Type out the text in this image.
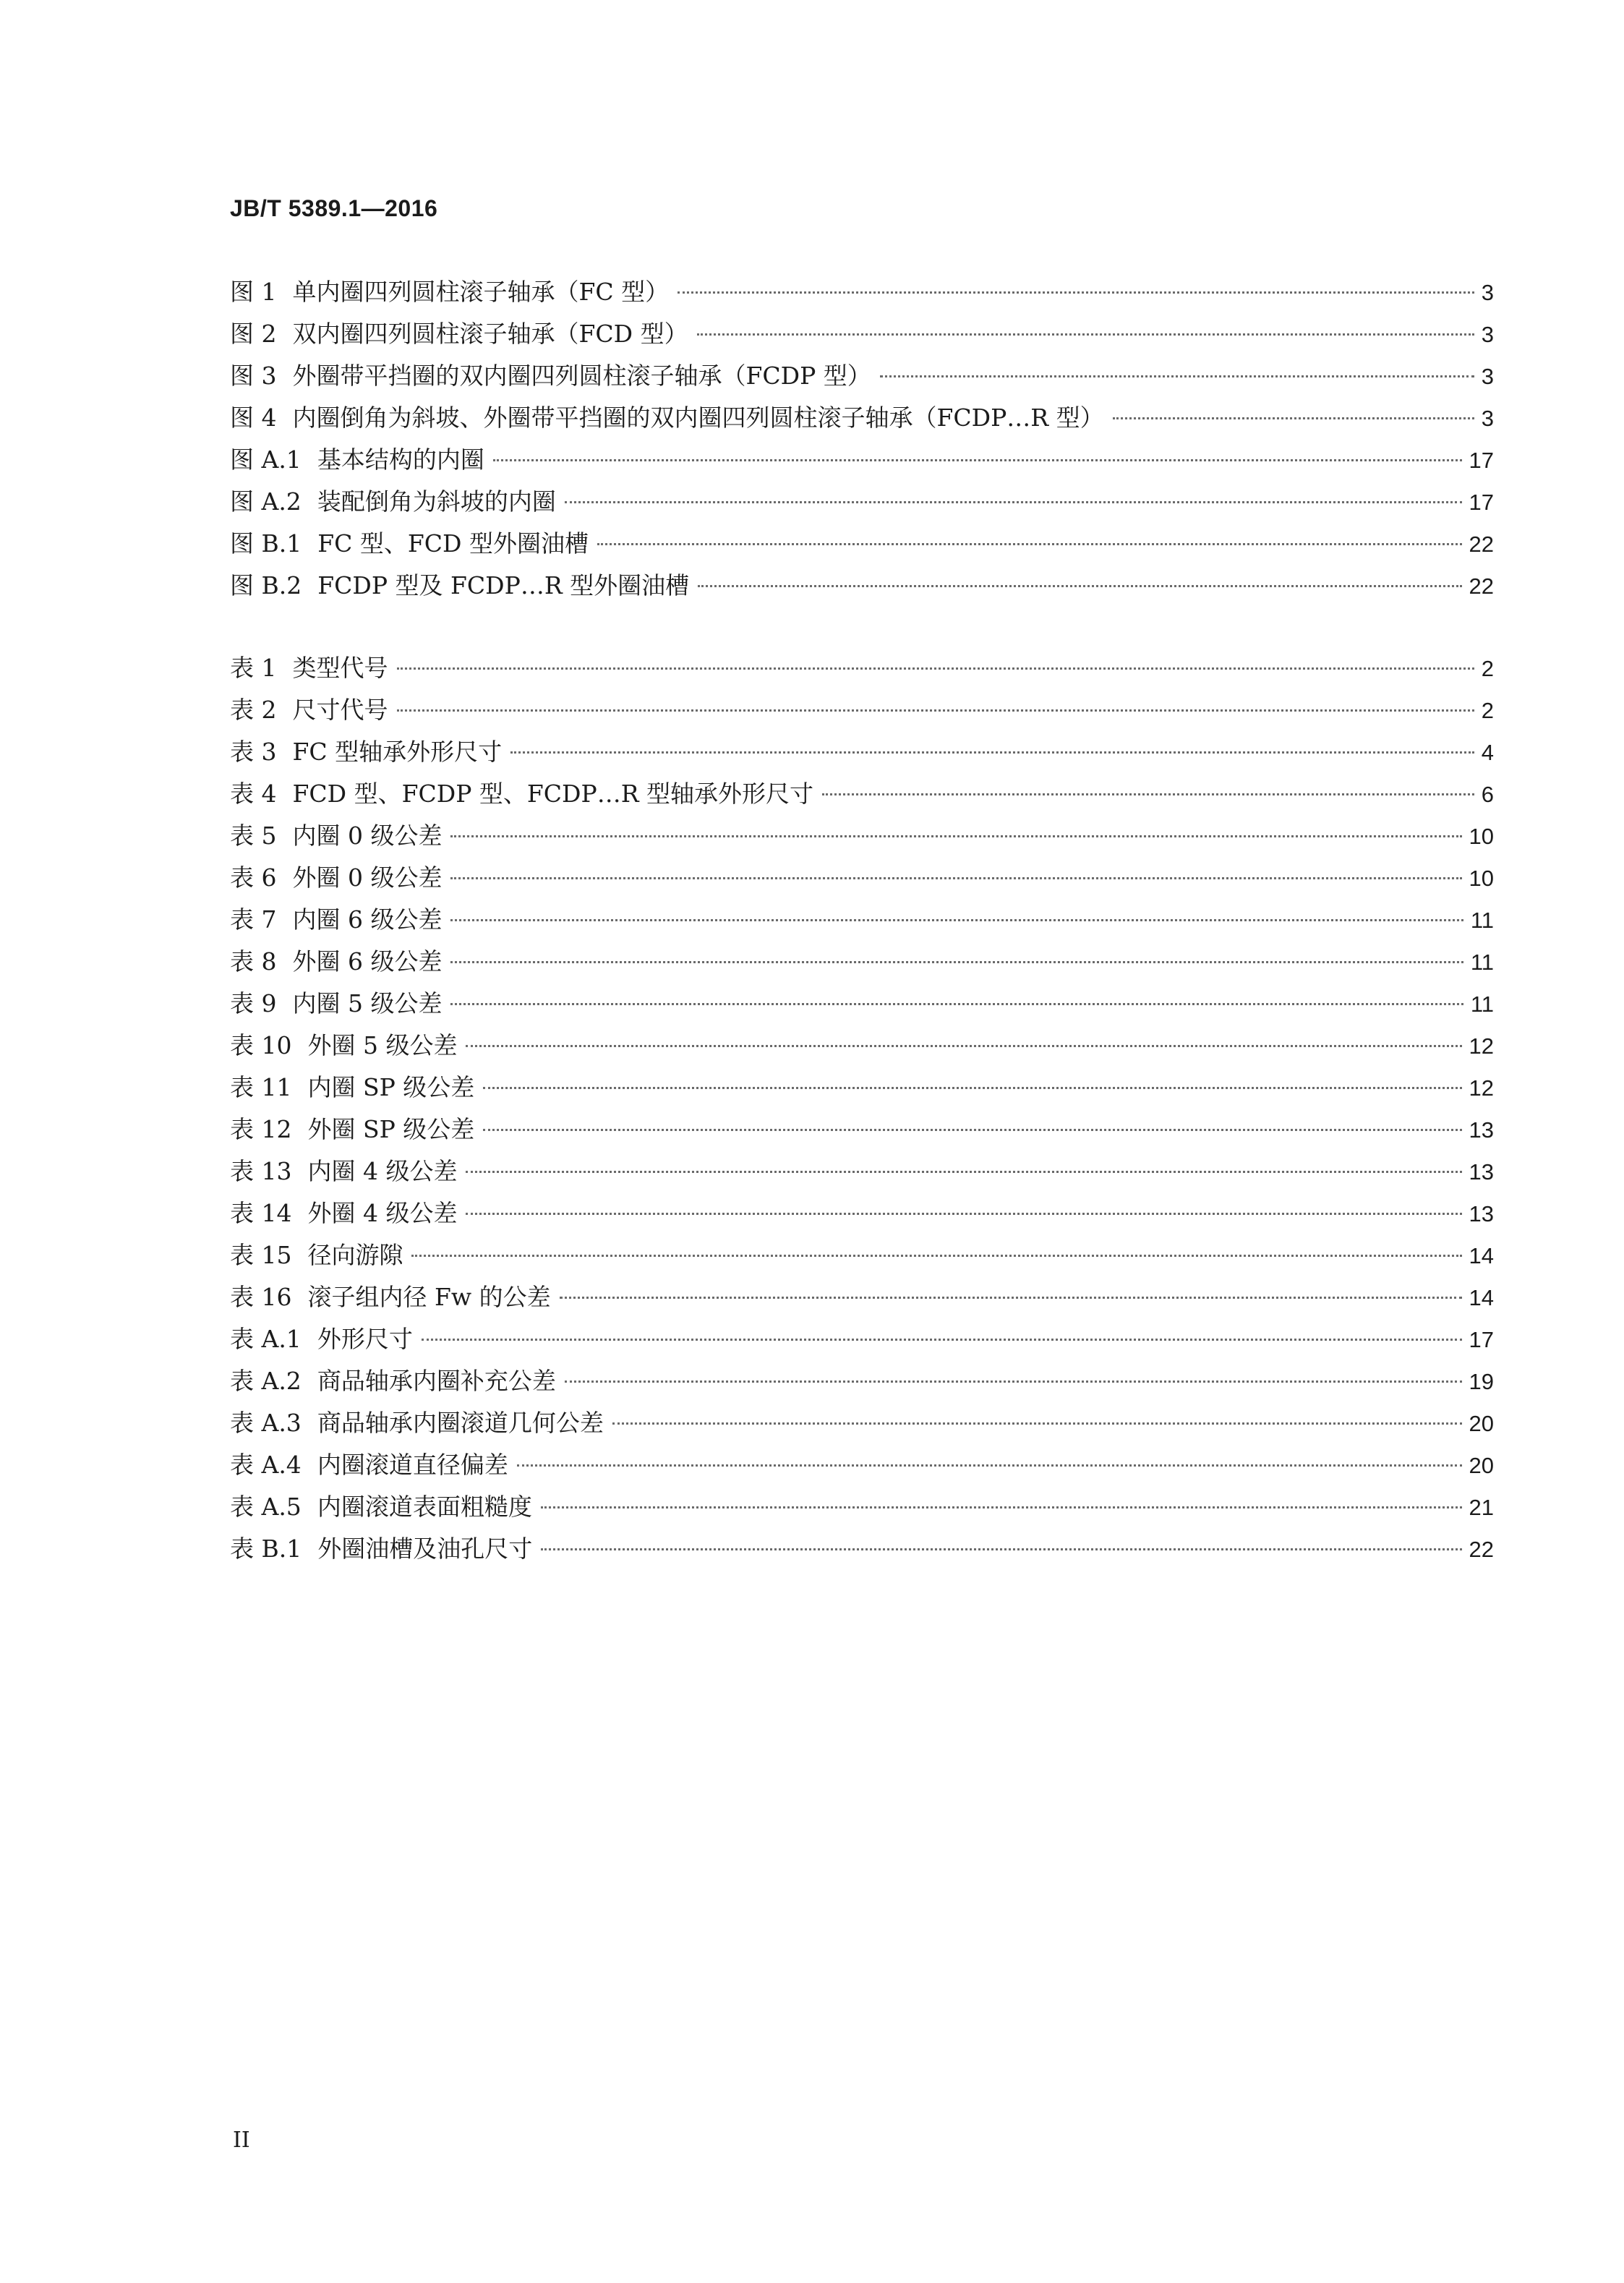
JB/T 5389.1—2016
图 1 单内圈四列圆柱滚子轴承（FC 型）	3
图 2 双内圈四列圆柱滚子轴承（FCD 型）	3
图 3 外圈带平挡圈的双内圈四列圆柱滚子轴承（FCDP 型）	3
图 4 内圈倒角为斜坡、外圈带平挡圈的双内圈四列圆柱滚子轴承（FCDP…R 型）	3
图 A.1 基本结构的内圈	17
图 A.2 装配倒角为斜坡的内圈	17
图 B.1 FC 型、FCD 型外圈油槽	22
图 B.2 FCDP 型及 FCDP…R 型外圈油槽	22
表 1 类型代号	2
表 2 尺寸代号	2
表 3 FC 型轴承外形尺寸	4
表 4 FCD 型、FCDP 型、FCDP…R 型轴承外形尺寸	6
表 5 内圈 0 级公差	10
表 6 外圈 0 级公差	10
表 7 内圈 6 级公差	11
表 8 外圈 6 级公差	11
表 9 内圈 5 级公差	11
表 10 外圈 5 级公差	12
表 11 内圈 SP 级公差	12
表 12 外圈 SP 级公差	13
表 13 内圈 4 级公差	13
表 14 外圈 4 级公差	13
表 15 径向游隙	14
表 16 滚子组内径 Fw 的公差	14
表 A.1 外形尺寸	17
表 A.2 商品轴承内圈补充公差	19
表 A.3 商品轴承内圈滚道几何公差	20
表 A.4 内圈滚道直径偏差	20
表 A.5 内圈滚道表面粗糙度	21
表 B.1 外圈油槽及油孔尺寸	22
II
